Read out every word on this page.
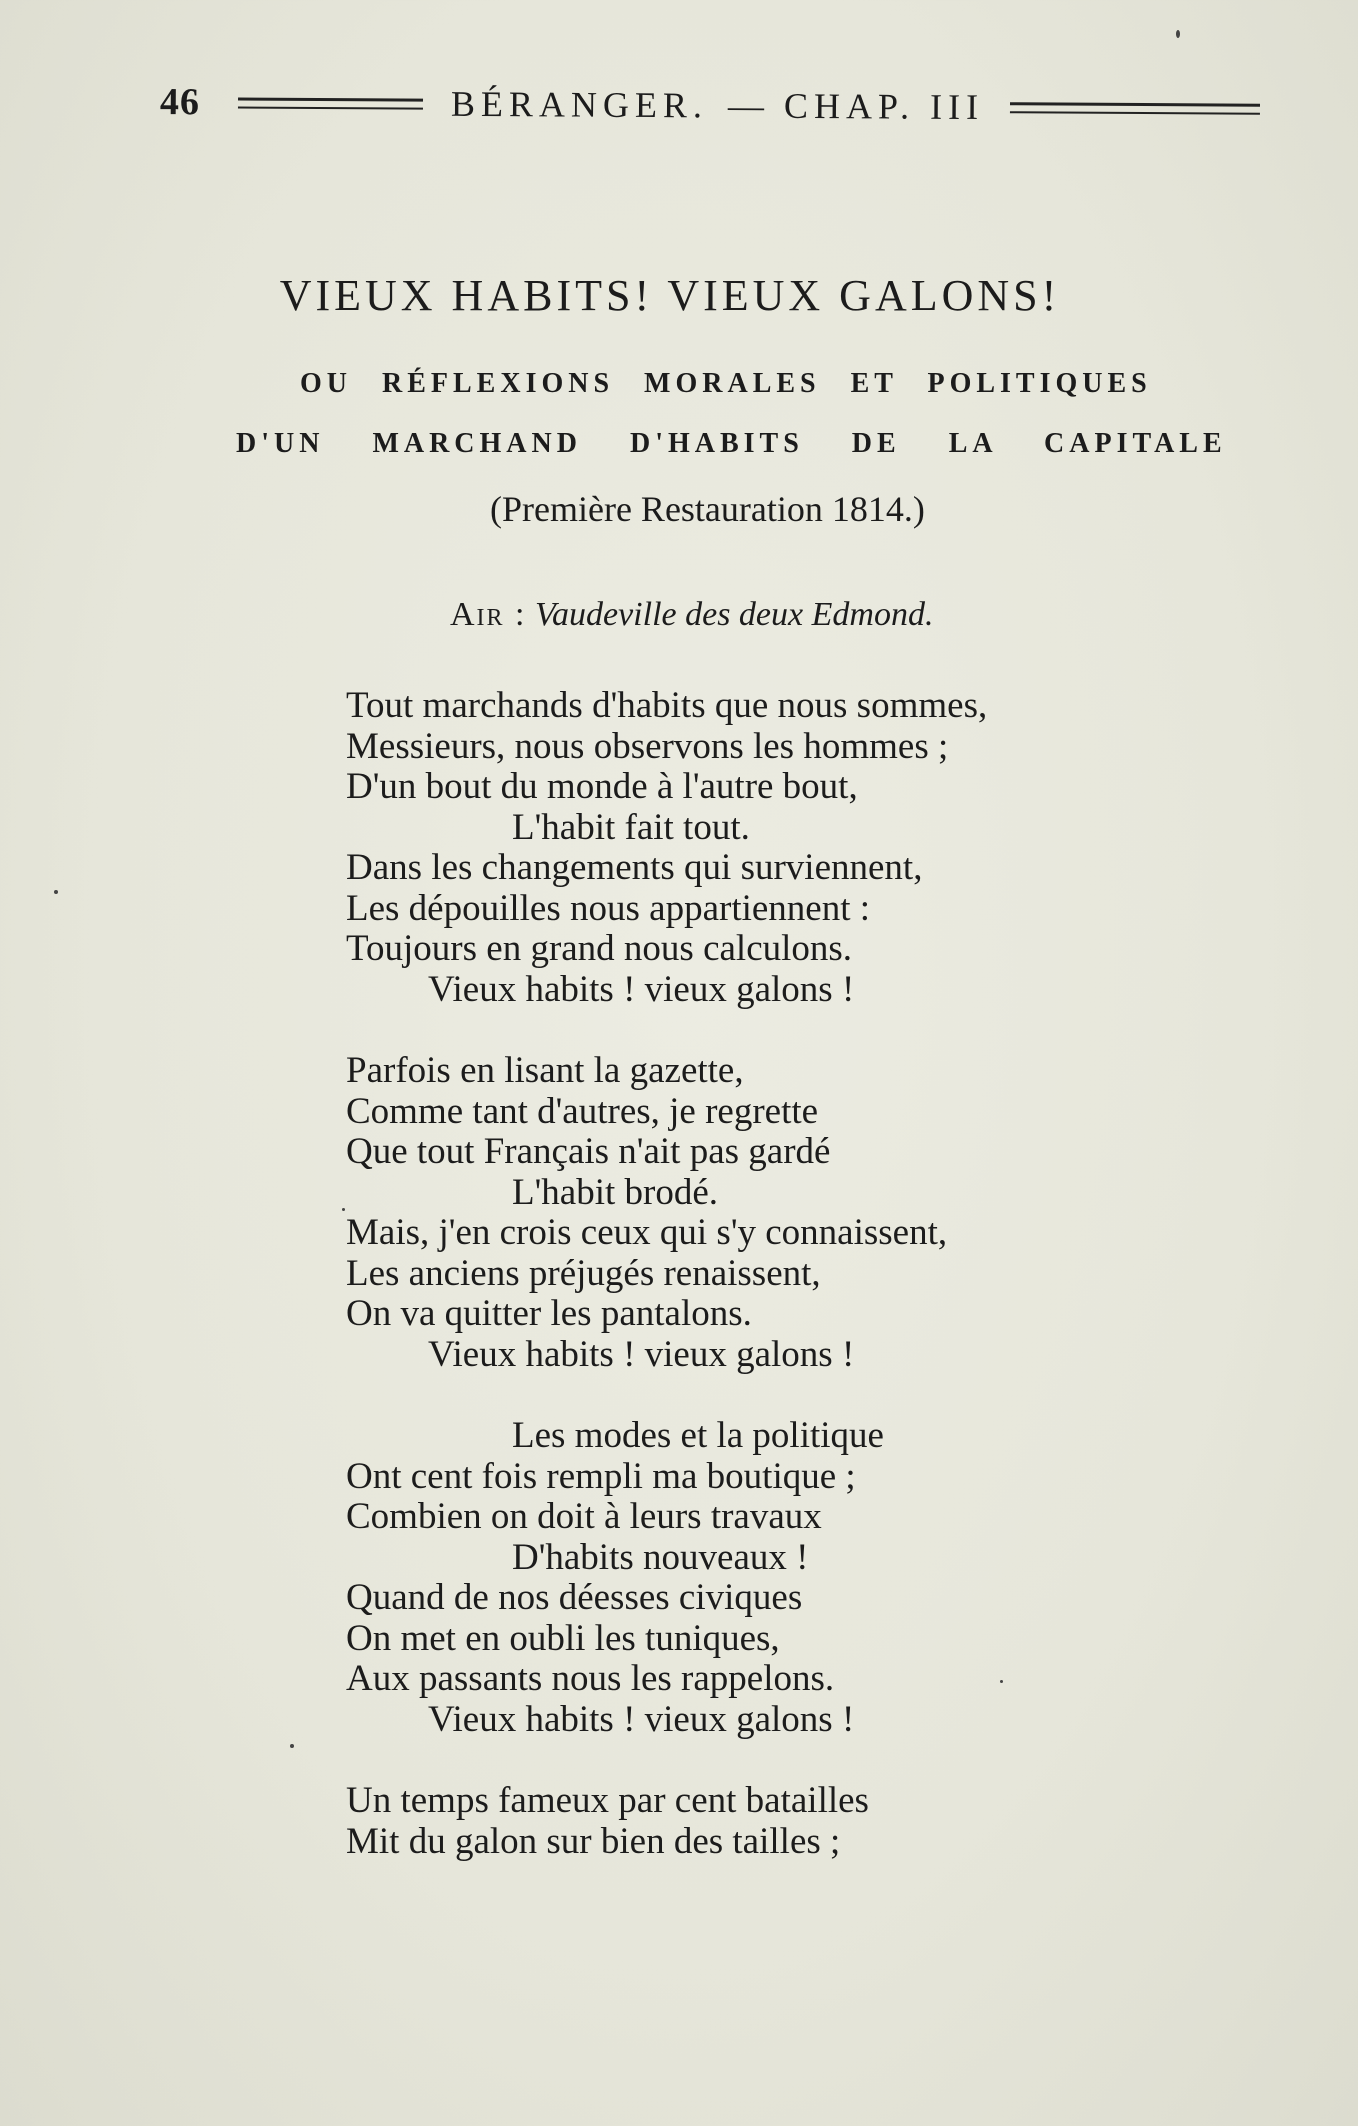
46	BÉRANGER. — CHAP. III
VIEUX HABITS! VIEUX GALONS!
OU RÉFLEXIONS MORALES ET POLITIQUES
D'UN MARCHAND D'HABITS DE LA CAPITALE
(Première Restauration 1814.)
Air : Vaudeville des deux Edmond.
Tout marchands d'habits que nous sommes,
Messieurs, nous observons les hommes ;
D'un bout du monde à l'autre bout,
L'habit fait tout.
Dans les changements qui surviennent,
Les dépouilles nous appartiennent :
Toujours en grand nous calculons.
Vieux habits ! vieux galons !
Parfois en lisant la gazette,
Comme tant d'autres, je regrette
Que tout Français n'ait pas gardé
L'habit brodé.
Mais, j'en crois ceux qui s'y connaissent,
Les anciens préjugés renaissent,
On va quitter les pantalons.
Vieux habits ! vieux galons !
Les modes et la politique
Ont cent fois rempli ma boutique ;
Combien on doit à leurs travaux
D'habits nouveaux !
Quand de nos déesses civiques
On met en oubli les tuniques,
Aux passants nous les rappelons.
Vieux habits ! vieux galons !
Un temps fameux par cent batailles
Mit du galon sur bien des tailles ;
